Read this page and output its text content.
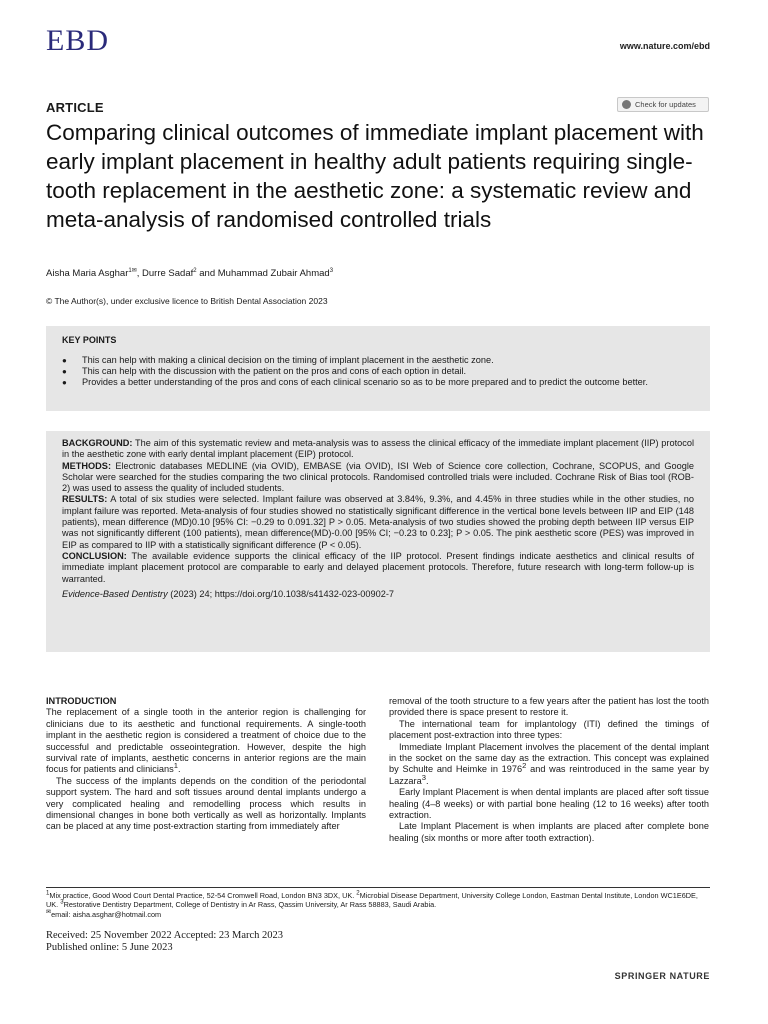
EBD	www.nature.com/ebd
ARTICLE	Check for updates
Comparing clinical outcomes of immediate implant placement with early implant placement in healthy adult patients requiring single-tooth replacement in the aesthetic zone: a systematic review and meta-analysis of randomised controlled trials
Aisha Maria Asghar$^{1✉}$, Durre Sadaf$^2$ and Muhammad Zubair Ahmad$^3$
© The Author(s), under exclusive licence to British Dental Association 2023
KEY POINTS
● This can help with making a clinical decision on the timing of implant placement in the aesthetic zone.
● This can help with the discussion with the patient on the pros and cons of each option in detail.
● Provides a better understanding of the pros and cons of each clinical scenario so as to be more prepared and to predict the outcome better.

BACKGROUND: The aim of this systematic review and meta-analysis was to assess the clinical efficacy of the immediate implant placement (IIP) protocol in the aesthetic zone with early dental implant placement (EIP) protocol.

METHODS: Electronic databases MEDLINE (via OVID), EMBASE (via OVID), ISI Web of Science core collection, Cochrane, SCOPUS, and Google Scholar were searched for the studies comparing the two clinical protocols. Randomised controlled trials were included. Cochrane Risk of Bias tool (ROB-2) was used to assess the quality of included students.

RESULTS: A total of six studies were selected. Implant failure was observed at 3.84%, 9.3%, and 4.45% in three studies while in the other studies, no implant failure was reported. Meta-analysis of four studies showed no statistically significant difference in the vertical bone levels between IIP and EIP (148 patients), mean difference (MD)0.10 [95% CI: −0.29 to 0.091.32] P > 0.05. Meta-analysis of two studies showed the probing depth between IIP versus EIP was not significantly different (100 patients), mean difference(MD)-0.00 [95% CI; −0.23 to 0.23]; P > 0.05. The pink aesthetic score (PES) was improved in EIP as compared to IIP with a statistically significant difference (P < 0.05).

CONCLUSION: The available evidence supports the clinical efficacy of the IIP protocol. Present findings indicate aesthetics and clinical results of immediate implant placement protocol are comparable to early and delayed placement protocols. Therefore, future research with long-term follow-up is warranted.

Evidence-Based Dentistry (2023) 24; https://doi.org/10.1038/s41432-023-00902-7

INTRODUCTION

The replacement of a single tooth in the anterior region is challenging for clinicians due to its aesthetic and functional requirements. A single-tooth implant in the aesthetic region is considered a treatment of choice due to the successful and predictable osseointegration. However, despite the high survival rate of implants, aesthetic concerns in anterior regions are the main focus for patients and clinicians$^1$.

The success of the implants depends on the condition of the periodontal support system. The hard and soft tissues around dental implants undergo a very complicated healing and remodelling process which results in dimensional changes in bone both vertically as well as horizontally. Implants can be placed at any time post-extraction starting from immediately after

removal of the tooth structure to a few years after the patient has lost the tooth provided there is space present to restore it.

The international team for implantology (ITI) defined the timings of placement post-extraction into three types:

Immediate Implant Placement involves the placement of the dental implant in the socket on the same day as the extraction. This concept was explained by Schulte and Heimke in 1976$^2$ and was reintroduced in the same year by Lazzara$^3$.

Early Implant Placement is when dental implants are placed after soft tissue healing (4–8 weeks) or with partial bone healing (12 to 16 weeks) after tooth extraction.

Late Implant Placement is when implants are placed after complete bone healing (six months or more after tooth extraction).

$^1$Mix practice, Good Wood Court Dental Practice, 52-54 Cromwell Road, London BN3 3DX, UK. $^2$Microbial Disease Department, University College London, Eastman Dental Institute, London WC1E6DE, UK. $^3$Restorative Dentistry Department, College of Dentistry in Ar Rass, Qassim University, Ar Rass 58883, Saudi Arabia.
✉email: aisha.asghar@hotmail.com
Received: 25 November 2022 Accepted: 23 March 2023
Published online: 5 June 2023
SPRINGER NATURE
